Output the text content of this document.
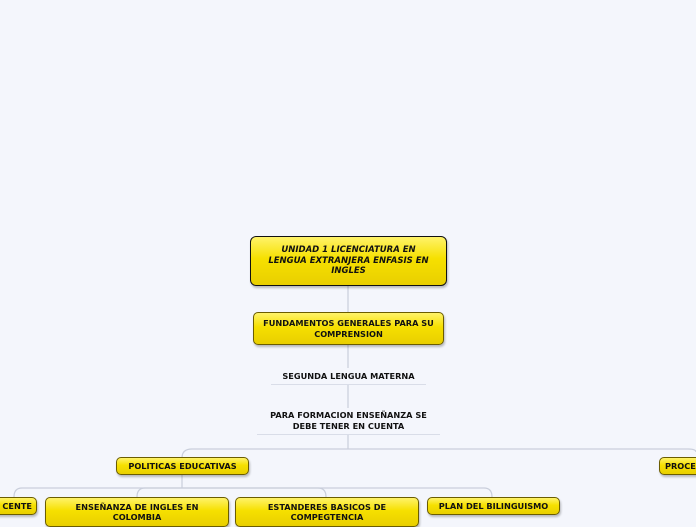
UNIDAD 1 LICENCIATURA EN LENGUA EXTRANJERA ENFASIS EN INGLES
FUNDAMENTOS GENERALES PARA SU COMPRENSION
SEGUNDA LENGUA MATERNA
PARA FORMACION ENSEÑANZA SE DEBE TENER EN CUENTA
POLITICAS EDUCATIVAS	PROCE
CENTE	ENSEÑANZA DE INGLES EN COLOMBIA
ESTANDERES BASICOS DE COMPEGTENCIA
PLAN DEL BILINGUISMO
